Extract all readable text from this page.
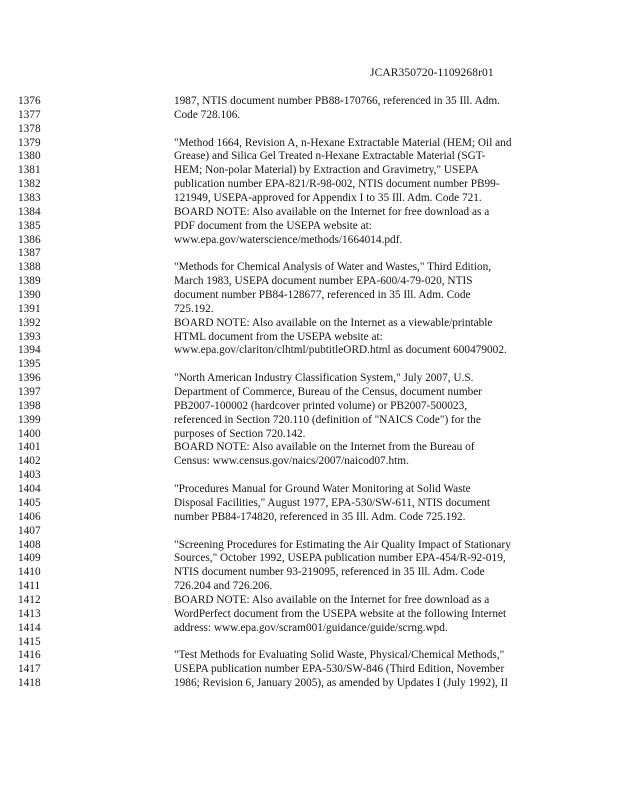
JCAR350720-1109268r01
1376	1987, NTIS document number PB88-170766, referenced in 35 Ill. Adm.
1377	Code 728.106.
1378
1379	"Method 1664, Revision A, n-Hexane Extractable Material (HEM; Oil and
1380	Grease) and Silica Gel Treated n-Hexane Extractable Material (SGT-
1381	HEM; Non-polar Material) by Extraction and Gravimetry," USEPA
1382	publication number EPA-821/R-98-002, NTIS document number PB99-
1383	121949, USEPA-approved for Appendix I to 35 Ill. Adm. Code 721.
1384	BOARD NOTE: Also available on the Internet for free download as a
1385	PDF document from the USEPA website at:
1386	www.epa.gov/waterscience/methods/1664014.pdf.
1387
1388	"Methods for Chemical Analysis of Water and Wastes," Third Edition,
1389	March 1983, USEPA document number EPA-600/4-79-020, NTIS
1390	document number PB84-128677, referenced in 35 Ill. Adm. Code
1391	725.192.
1392	BOARD NOTE: Also available on the Internet as a viewable/printable
1393	HTML document from the USEPA website at:
1394	www.epa.gov/clariton/clhtml/pubtitleORD.html as document 600479002.
1395
1396	"North American Industry Classification System," July 2007, U.S.
1397	Department of Commerce, Bureau of the Census, document number
1398	PB2007-100002 (hardcover printed volume) or PB2007-500023,
1399	referenced in Section 720.110 (definition of "NAICS Code") for the
1400	purposes of Section 720.142.
1401	BOARD NOTE: Also available on the Internet from the Bureau of
1402	Census: www.census.gov/naics/2007/naicod07.htm.
1403
1404	"Procedures Manual for Ground Water Monitoring at Solid Waste
1405	Disposal Facilities," August 1977, EPA-530/SW-611, NTIS document
1406	number PB84-174820, referenced in 35 Ill. Adm. Code 725.192.
1407
1408	"Screening Procedures for Estimating the Air Quality Impact of Stationary
1409	Sources," October 1992, USEPA publication number EPA-454/R-92-019,
1410	NTIS document number 93-219095, referenced in 35 Ill. Adm. Code
1411	726.204 and 726.206.
1412	BOARD NOTE: Also available on the Internet for free download as a
1413	WordPerfect document from the USEPA website at the following Internet
1414	address: www.epa.gov/scram001/guidance/guide/scrng.wpd.
1415
1416	"Test Methods for Evaluating Solid Waste, Physical/Chemical Methods,"
1417	USEPA publication number EPA-530/SW-846 (Third Edition, November
1418	1986; Revision 6, January 2005), as amended by Updates I (July 1992), II
